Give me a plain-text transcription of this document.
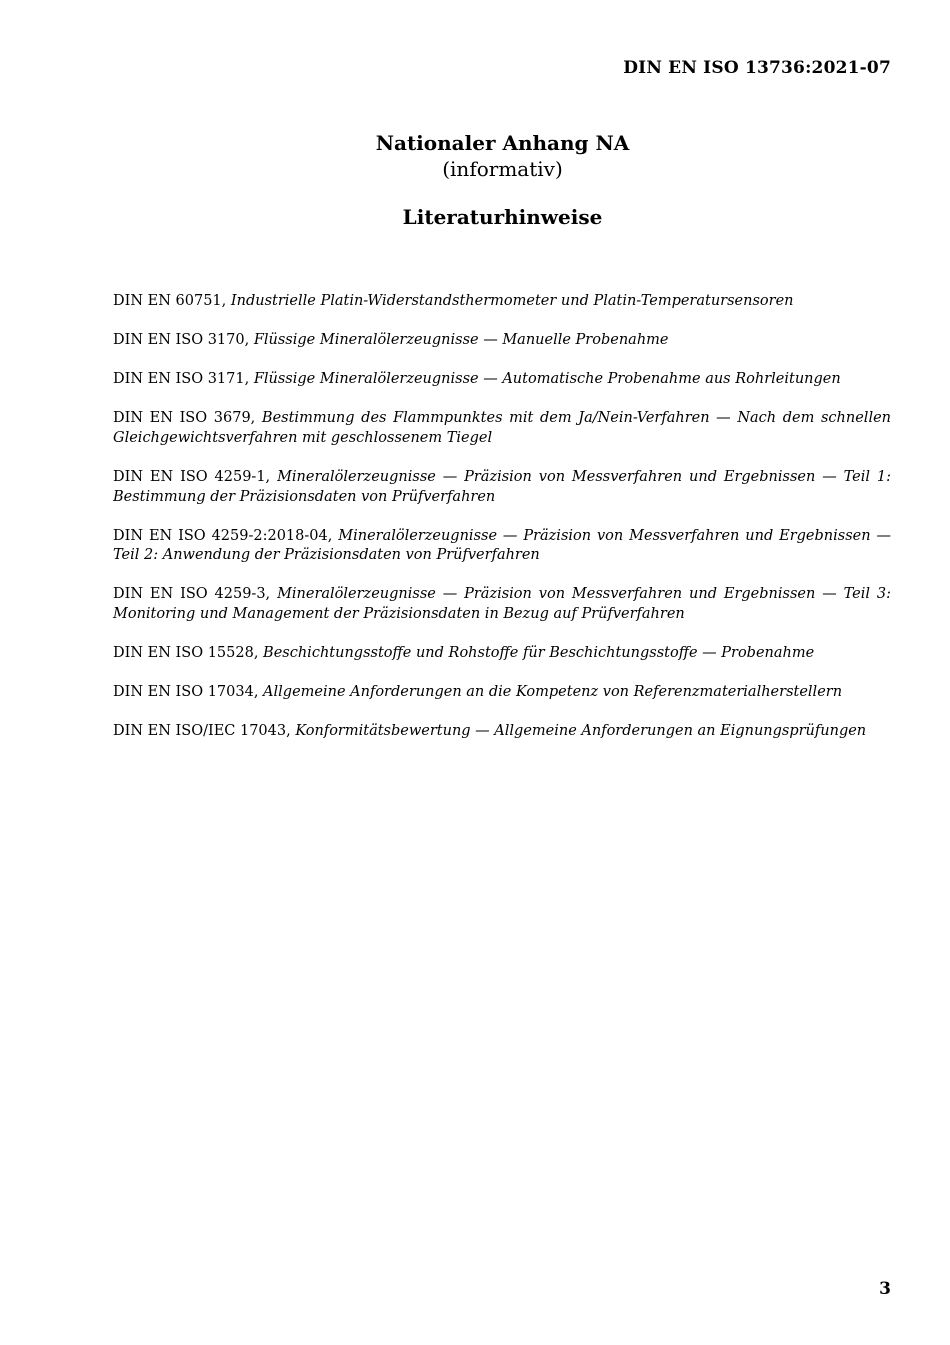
DIN EN ISO 13736:2021-07
Nationaler Anhang NA
(informativ)
Literaturhinweise

DIN EN 60751, Industrielle Platin-Widerstandsthermometer und Platin-Temperatursensoren

DIN EN ISO 3170, Flüssige Mineralölerzeugnisse — Manuelle Probenahme

DIN EN ISO 3171, Flüssige Mineralölerzeugnisse — Automatische Probenahme aus Rohrleitungen

DIN EN ISO 3679, Bestimmung des Flammpunktes mit dem Ja/Nein-Verfahren — Nach dem schnellen Gleichgewichtsverfahren mit geschlossenem Tiegel

DIN EN ISO 4259-1, Mineralölerzeugnisse — Präzision von Messverfahren und Ergebnissen — Teil 1: Bestimmung der Präzisionsdaten von Prüfverfahren

DIN EN ISO 4259-2:2018-04, Mineralölerzeugnisse — Präzision von Messverfahren und Ergebnissen — Teil 2: Anwendung der Präzisionsdaten von Prüfverfahren

DIN EN ISO 4259-3, Mineralölerzeugnisse — Präzision von Messverfahren und Ergebnissen — Teil 3: Monitoring und Management der Präzisionsdaten in Bezug auf Prüfverfahren

DIN EN ISO 15528, Beschichtungsstoffe und Rohstoffe für Beschichtungsstoffe — Probenahme

DIN EN ISO 17034, Allgemeine Anforderungen an die Kompetenz von Referenzmaterialherstellern

DIN EN ISO/IEC 17043, Konformitätsbewertung — Allgemeine Anforderungen an Eignungsprüfungen

3
